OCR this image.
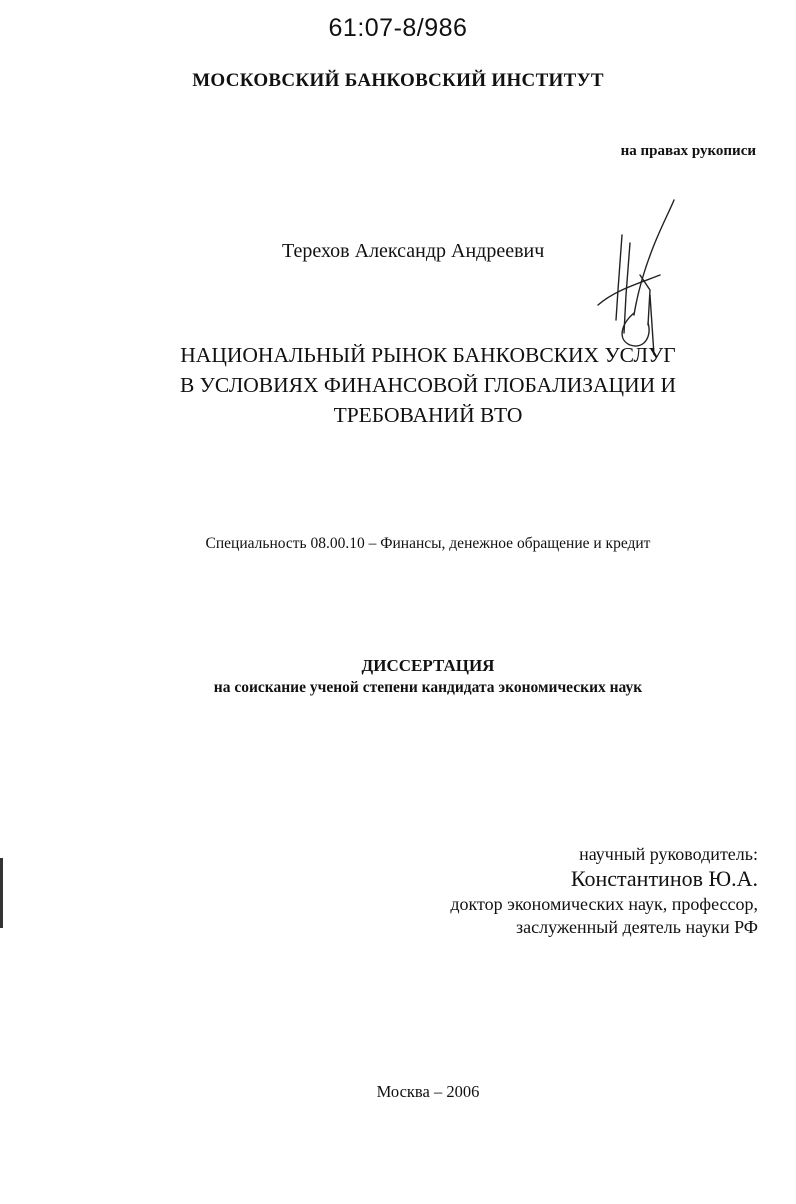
61:07-8/986
МОСКОВСКИЙ БАНКОВСКИЙ ИНСТИТУТ
на правах рукописи
Терехов Александр Андреевич
НАЦИОНАЛЬНЫЙ РЫНОК БАНКОВСКИХ УСЛУГ
В УСЛОВИЯХ ФИНАНСОВОЙ ГЛОБАЛИЗАЦИИ И
ТРЕБОВАНИЙ ВТО
Специальность 08.00.10 – Финансы, денежное обращение и кредит
ДИССЕРТАЦИЯ
на соискание ученой степени кандидата экономических наук
научный руководитель:
Константинов Ю.А.
доктор экономических наук, профессор,
заслуженный деятель науки РФ
Москва – 2006
